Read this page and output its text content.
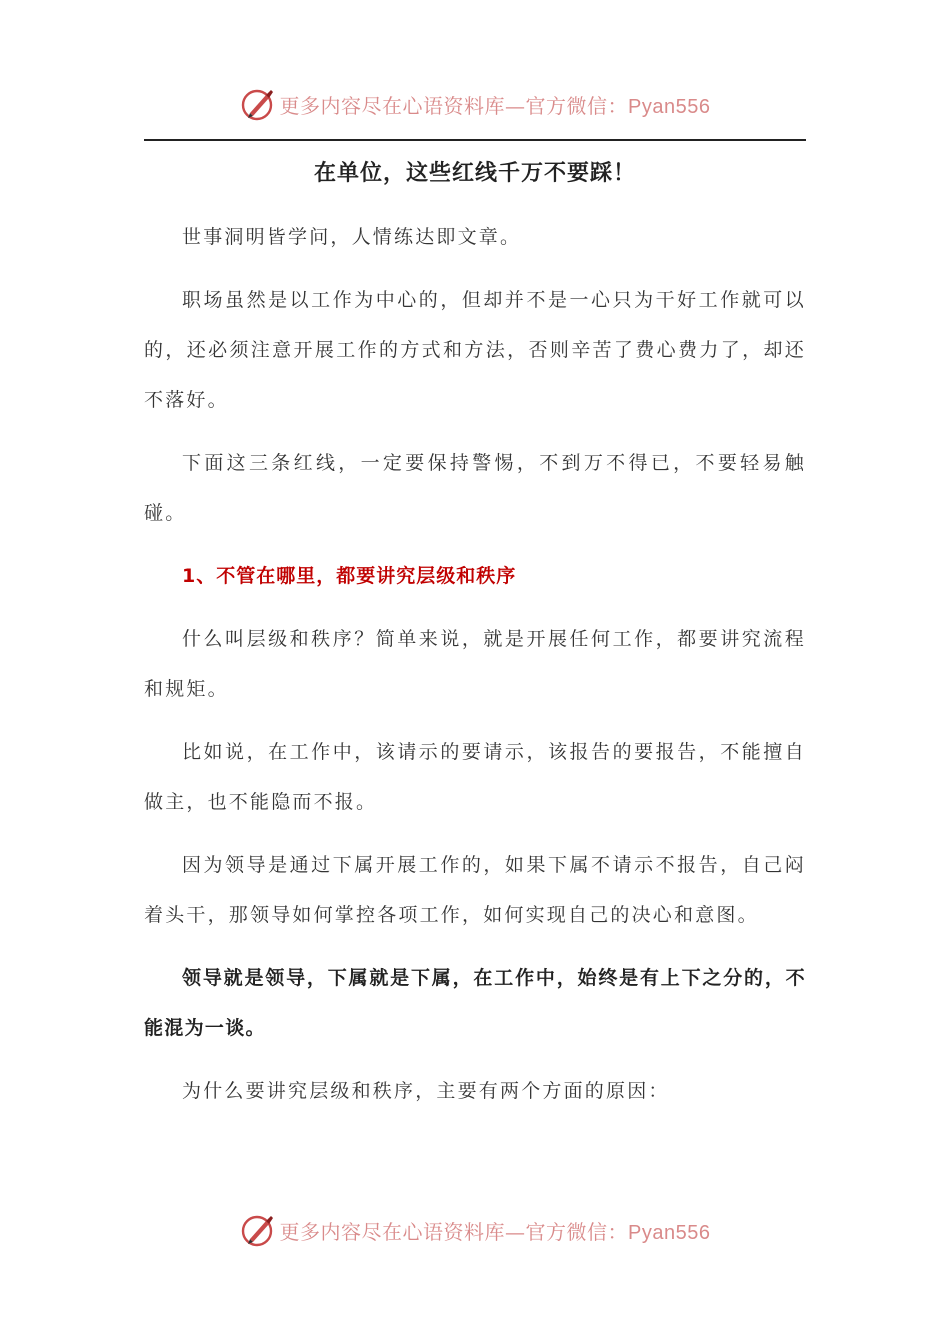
更多内容尽在心语资料库—官方微信：Pyan556
在单位，这些红线千万不要踩！

世事洞明皆学问，人情练达即文章。

职场虽然是以工作为中心的，但却并不是一心只为干好工作就可以的，还必须注意开展工作的方式和方法，否则辛苦了费心费力了，却还不落好。

下面这三条红线，一定要保持警惕，不到万不得已，不要轻易触碰。

1、不管在哪里，都要讲究层级和秩序

什么叫层级和秩序？简单来说，就是开展任何工作，都要讲究流程和规矩。

比如说，在工作中，该请示的要请示，该报告的要报告，不能擅自做主，也不能隐而不报。

因为领导是通过下属开展工作的，如果下属不请示不报告，自己闷着头干，那领导如何掌控各项工作，如何实现自己的决心和意图。

领导就是领导，下属就是下属，在工作中，始终是有上下之分的，不能混为一谈。

为什么要讲究层级和秩序，主要有两个方面的原因：

更多内容尽在心语资料库—官方微信：Pyan556
